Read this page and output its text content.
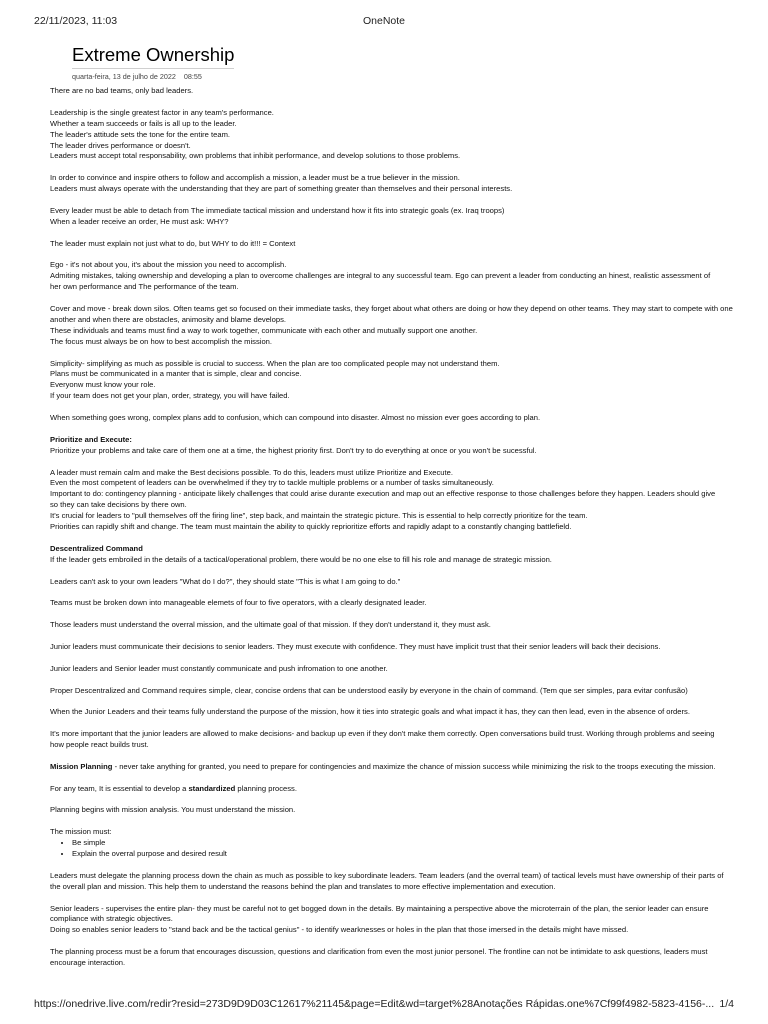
22/11/2023, 11:03	OneNote
Extreme Ownership
quarta-feira, 13 de julho de 2022 08:55
There are no bad teams, only bad leaders.
Leadership is the single greatest factor in any team's performance.
Whether a team succeeds or fails is all up to the leader.
The leader's attitude sets the tone for the entire team.
The leader drives performance or doesn't.
Leaders must accept total responsability, own problems that inhibit performance, and develop solutions to those problems.
In order to convince and inspire others to follow and accomplish a mission, a leader must be a true believer in the mission.
Leaders must always operate with the understanding that they are part of something greater than themselves and their personal interests.
Every leader must be able to detach from The immediate tactical mission and understand how it fits into strategic goals (ex. Iraq troops)
When a leader receive an order, He must ask: WHY?
The leader must explain not just what to do, but WHY to do it!!! = Context
Ego - it's not about you, it's about the mission you need to accomplish.
Admiting mistakes, taking ownership and developing a plan to overcome challenges are integral to any successful team. Ego can prevent a leader from conducting an hinest, realistic assessment of
her own performance and The performance of the team.
Cover and move - break down silos. Often teams get so focused on their immediate tasks, they forget about what others are doing or how they depend on other teams. They may start to compete with one
another and when there are obstacles, animosity and blame develops.
These individuals and teams must find a way to work together, communicate with each other and mutually support one another.
The focus must always be on how to best accomplish the mission.
Simplicity- simplifying as much as possible is crucial to success. When the plan are too complicated people may not understand them.
Plans must be communicated in a manter that is simple, clear and concise.
Everyonw must know your role.
If your team does not get your plan, order, strategy, you will have failed.
When something goes wrong, complex plans add to confusion, which can compound into disaster. Almost no mission ever goes according to plan.
Prioritize and Execute:
Prioritize your problems and take care of them one at a time, the highest priority first. Don't try to do everything at once or you won't be sucessful.
A leader must remain calm and make the Best decisions possible. To do this, leaders must utilize Prioritize and Execute.
Even the most competent of leaders can be overwhelmed if they try to tackle multiple problems or a number of tasks simultaneously.
Important to do: contingency planning - anticipate likely challenges that could arise durante execution and map out an effective response to those challenges before they happen. Leaders should give
so they can take decisions by there own.
It's crucial for leaders to "pull themselves off the firing line", step back, and maintain the strategic picture. This is essential to help correctly prioritize for the team.
Priorities can rapidly shift and change. The team must maintain the ability to quickly reprioritize efforts and rapidly adapt to a constantly changing battlefield.
Descentralized Command
If the leader gets embroiled in the details of a tactical/operational problem, there would be no one else to fill his role and manage de strategic mission.
Leaders can't ask to your own leaders "What do I do?", they should state "This is what I am going to do."
Teams must be broken down into manageable elemets of four to five operators, with a clearly designated leader.
Those leaders must understand the overral mission, and the ultimate goal of that mission. If they don't understand it, they must ask.
Junior leaders must communicate their decisions to senior leaders. They must execute with confidence. They must have implicit trust that their senior leaders will back their decisions.
Junior leaders and Senior leader must constantly communicate and push infromation to one another.
Proper Descentralized and Command requires simple, clear, concise ordens that can be understood easily by everyone in the chain of command. (Tem que ser simples, para evitar confusão)
When the Junior Leaders and their teams fully understand the purpose of the mission, how it ties into strategic goals and what impact it has, they can then lead, even in the absence of orders.
It's more important that the junior leaders are allowed to make decisions- and backup up even if they don't make them correctly. Open conversations build trust. Working through problems and seeing
how people react builds trust.
Mission Planning - never take anything for granted, you need to prepare for contingencies and maximize the chance of mission success while minimizing the risk to the troops executing the mission.
For any team, It is essential to develop a standardized planning process.
Planning begins with mission analysis. You must understand the mission.
The mission must:
• Be simple
• Explain the overral purpose and desired result
Leaders must delegate the planning process down the chain as much as possible to key subordinate leaders. Team leaders (and the overral team) of tactical levels must have ownership of their parts of
the overall plan and mission. This help them to understand the reasons behind the plan and translates to more effective implementation and execution.
Senior leaders - supervises the entire plan- they must be careful not to get bogged down in the details. By maintaining a perspective above the microterrain of the plan, the senior leader can ensure
compliance with strategic objectives.
Doing so enables senior leaders to "stand back and be the tactical genius" - to identify wearknesses or holes in the plan that those imersed in the details might have missed.
The planning process must be a forum that encourages discussion, questions and clarification from even the most junior personel. The frontline can not be intimidate to ask questions, leaders must
encourage interaction.
https://onedrive.live.com/redir?resid=273D9D9D03C12617%21145&page=Edit&wd=target%28Anotações Rápidas.one%7Cf99f4982-5823-4156-... 1/4
